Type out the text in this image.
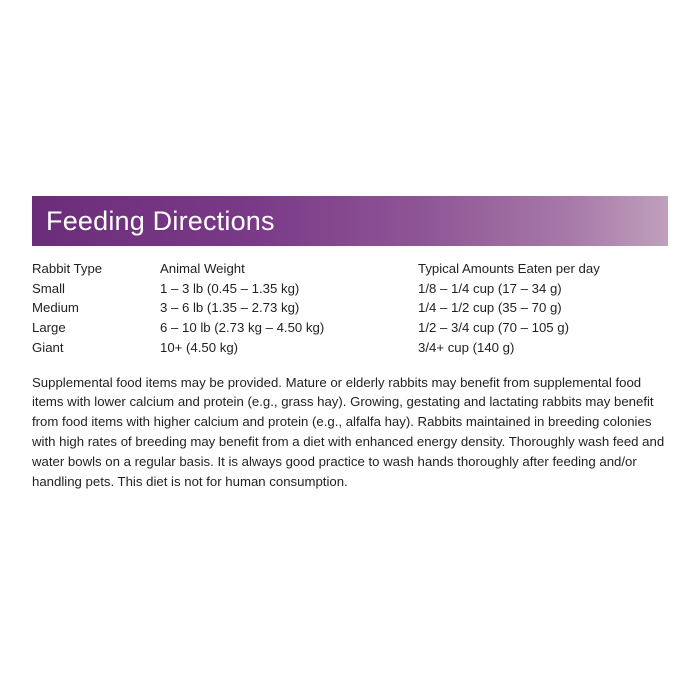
Feeding Directions
Rabbit Type	Animal Weight	Typical Amounts Eaten per day
Small	1 – 3 lb (0.45 – 1.35 kg)	1/8 – 1/4 cup (17 – 34 g)
Medium	3 – 6 lb (1.35 – 2.73 kg)	1/4 – 1/2 cup (35 – 70 g)
Large	6 – 10 lb (2.73 kg – 4.50 kg)	1/2 – 3/4 cup (70 – 105 g)
Giant	10+ (4.50 kg)	3/4+ cup (140 g)
Supplemental food items may be provided. Mature or elderly rabbits may benefit from supplemental food items with lower calcium and protein (e.g., grass hay). Growing, gestating and lactating rabbits may benefit from food items with higher calcium and protein (e.g., alfalfa hay). Rabbits maintained in breeding colonies with high rates of breeding may benefit from a diet with enhanced energy density. Thoroughly wash feed and water bowls on a regular basis. It is always good practice to wash hands thoroughly after feeding and/or handling pets. This diet is not for human consumption.
